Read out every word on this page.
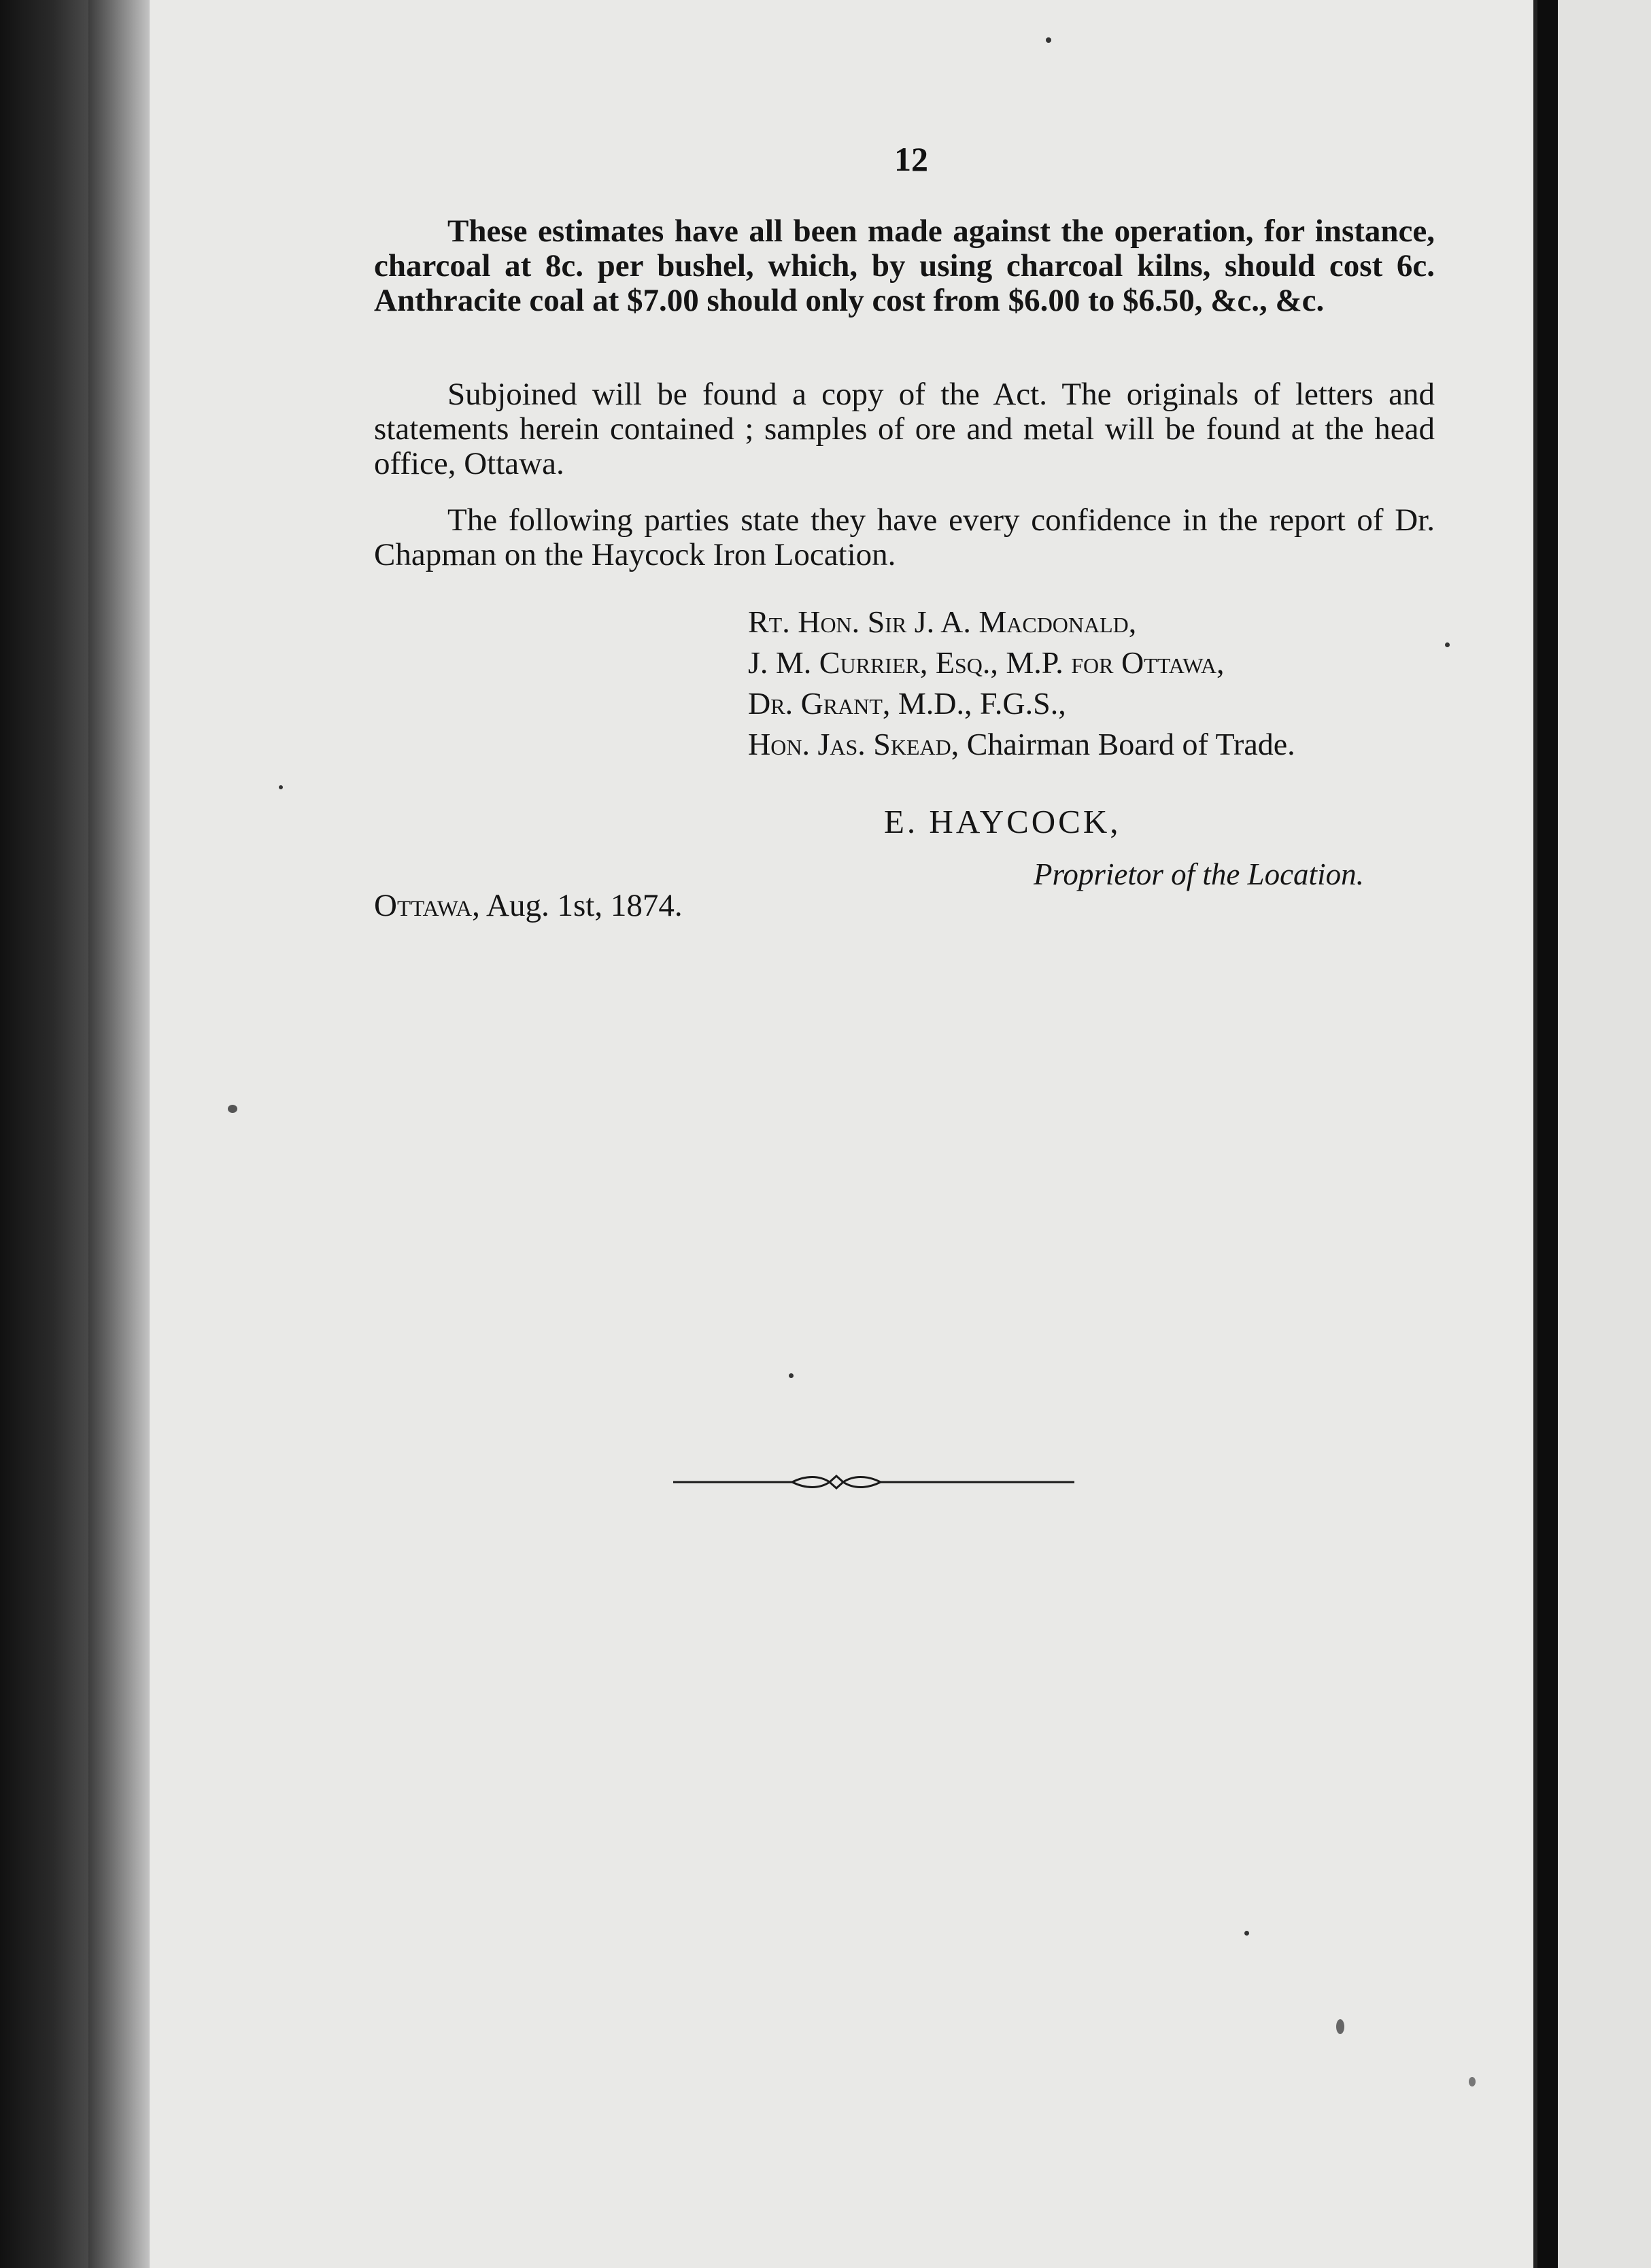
12

These estimates have all been made against the operation, for instance, charcoal at 8c. per bushel, which, by using charcoal kilns, should cost 6c. Anthracite coal at $7.00 should only cost from $6.00 to $6.50, &c., &c.

Subjoined will be found a copy of the Act. The originals of letters and statements herein contained ; samples of ore and metal will be found at the head office, Ottawa.

The following parties state they have every confidence in the report of Dr. Chapman on the Haycock Iron Location.

Rt. Hon. Sir J. A. Macdonald,
J. M. Currier, Esq., M.P. for Ottawa,
Dr. Grant, M.D., F.G.S.,
Hon. Jas. Skead, Chairman Board of Trade.
E. HAYCOCK,
Proprietor of the Location.
Ottawa, Aug. 1st, 1874.
